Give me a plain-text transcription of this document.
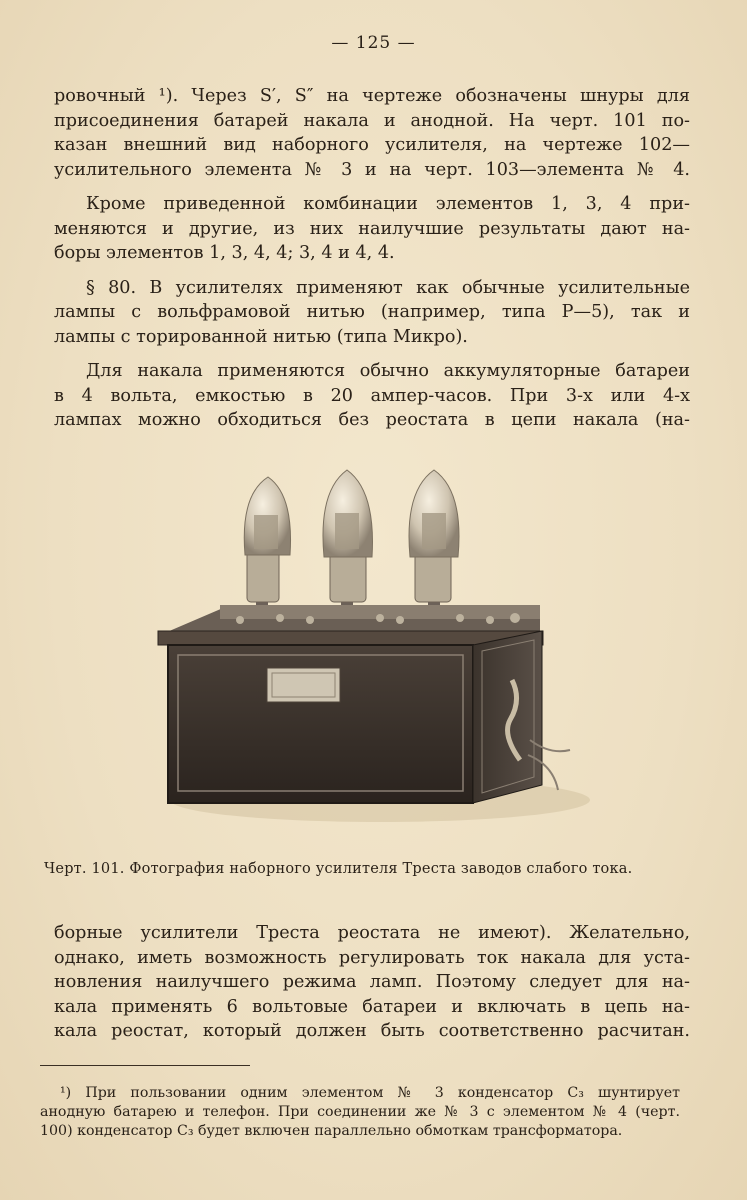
— 125 —
ровочный ¹). Через S′, S″ на чертеже обозначены шнуры для
присоединения батарей накала и анодной. На черт. 101 по-
казан внешний вид наборного усилителя, на чертеже 102—
усилительного элемента № 3 и на черт. 103—элемента № 4.
Кроме приведенной комбинации элементов 1, 3, 4 при-
меняются и другие, из них наилучшие результаты дают на-
боры элементов 1, 3, 4, 4; 3, 4 и 4, 4.
§ 80. В усилителях применяют как обычные усилительные
лампы с вольфрамовой нитью (например, типа P—5), так и
лампы с торированной нитью (типа Микро).
Для накала применяются обычно аккумуляторные батареи
в 4 вольта, емкостью в 20 ампер-часов. При 3-х или 4-х
лампах можно обходиться без реостата в цепи накала (на-
Черт. 101. Фотография наборного усилителя Треста заводов слабого тока.
борные усилители Треста реостата не имеют). Желательно,
однако, иметь возможность регулировать ток накала для уста-
новления наилучшего режима ламп. Поэтому следует для на-
кала применять 6 вольтовые батареи и включать в цепь на-
кала реостат, который должен быть соответственно расчитан.
¹) При пользовании одним элементом № 3 конденсатор C₃ шунтирует
анодную батарею и телефон. При соединении же № 3 с элементом № 4 (черт.
100) конденсатор C₃ будет включен параллельно обмоткам трансформатора.
